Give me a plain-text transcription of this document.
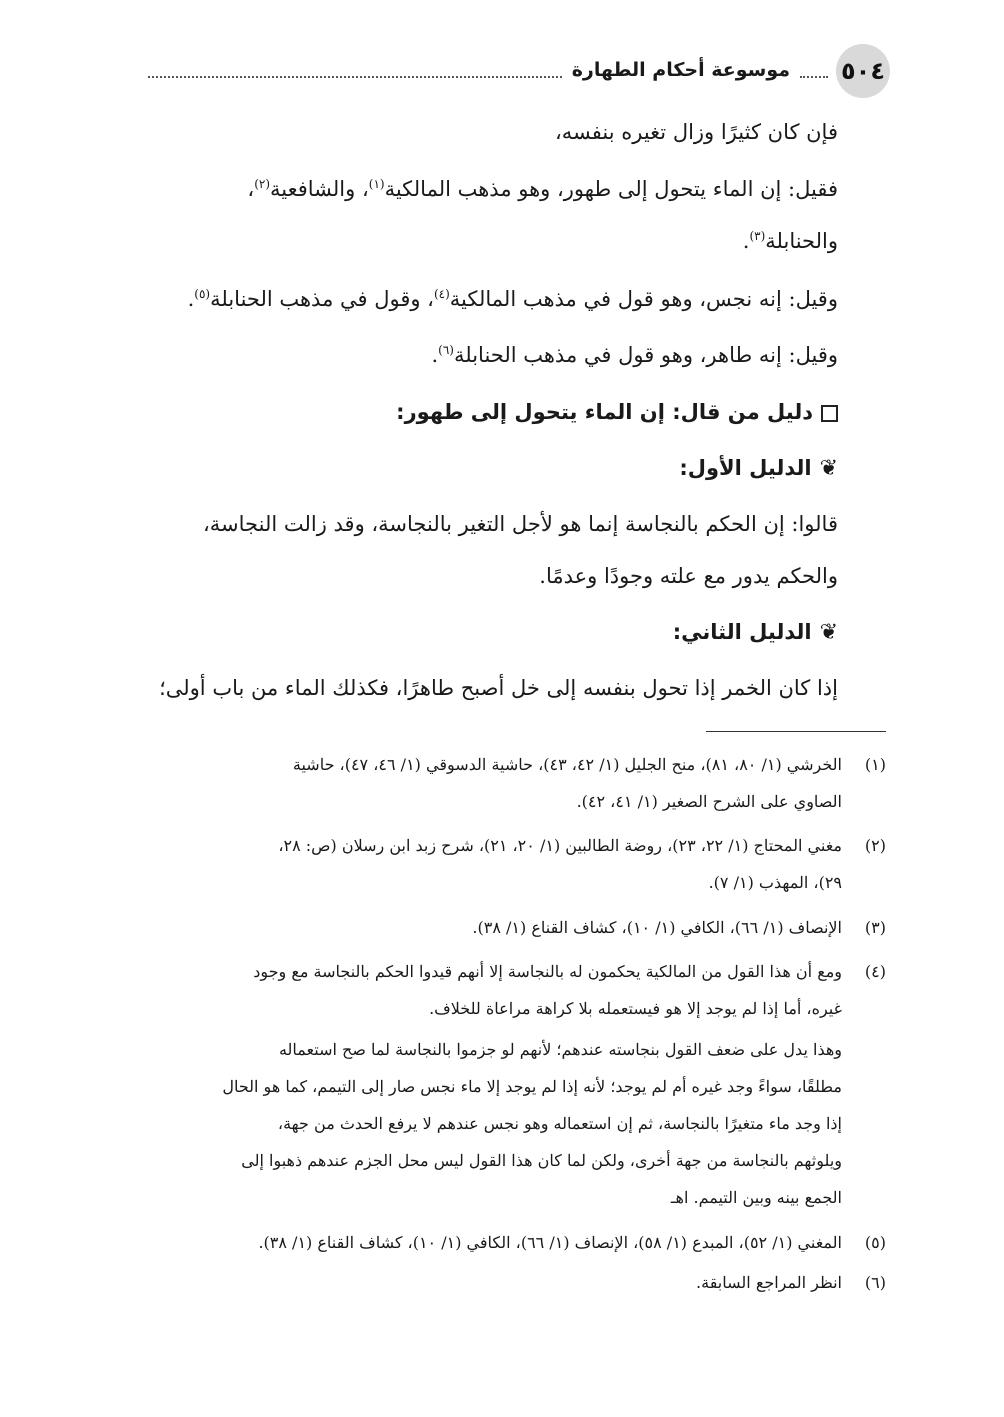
٥٠٤
موسوعة أحكام الطهارة
فإن كان كثيرًا وزال تغيره بنفسه،
فقيل: إن الماء يتحول إلى طهور، وهو مذهب المالكية$^{(١)}$، والشافعية$^{(٢)}$،
والحنابلة$^{(٣)}$.
وقيل: إنه نجس، وهو قول في مذهب المالكية$^{(٤)}$، وقول في مذهب الحنابلة$^{(٥)}$.
وقيل: إنه طاهر، وهو قول في مذهب الحنابلة$^{(٦)}$.
دليل من قال: إن الماء يتحول إلى طهور:
❦الدليل الأول:
قالوا: إن الحكم بالنجاسة إنما هو لأجل التغير بالنجاسة، وقد زالت النجاسة،
والحكم يدور مع علته وجودًا وعدمًا.
❦الدليل الثاني:
إذا كان الخمر إذا تحول بنفسه إلى خل أصبح طاهرًا، فكذلك الماء من باب أولى؛
(١)الخرشي (١/ ٨٠، ٨١)، منح الجليل (١/ ٤٢، ٤٣)، حاشية الدسوقي (١/ ٤٦، ٤٧)، حاشية
الصاوي على الشرح الصغير (١/ ٤١، ٤٢).
(٢)مغني المحتاج (١/ ٢٢، ٢٣)، روضة الطالبين (١/ ٢٠، ٢١)، شرح زبد ابن رسلان (ص: ٢٨،
٢٩)، المهذب (١/ ٧).
(٣)الإنصاف (١/ ٦٦)، الكافي (١/ ١٠)، كشاف القناع (١/ ٣٨).
(٤)ومع أن هذا القول من المالكية يحكمون له بالنجاسة إلا أنهم قيدوا الحكم بالنجاسة مع وجود
غيره، أما إذا لم يوجد إلا هو فيستعمله بلا كراهة مراعاة للخلاف.
وهذا يدل على ضعف القول بنجاسته عندهم؛ لأنهم لو جزموا بالنجاسة لما صح استعماله
مطلقًا، سواءً وجد غيره أم لم يوجد؛ لأنه إذا لم يوجد إلا ماء نجس صار إلى التيمم، كما هو الحال
إذا وجد ماء متغيرًا بالنجاسة، ثم إن استعماله وهو نجس عندهم لا يرفع الحدث من جهة،
ويلوثهم بالنجاسة من جهة أخرى، ولكن لما كان هذا القول ليس محل الجزم عندهم ذهبوا إلى
الجمع بينه وبين التيمم. اهـ
(٥)المغني (١/ ٥٢)، المبدع (١/ ٥٨)، الإنصاف (١/ ٦٦)، الكافي (١/ ١٠)، كشاف القناع (١/ ٣٨).
(٦)انظر المراجع السابقة.
